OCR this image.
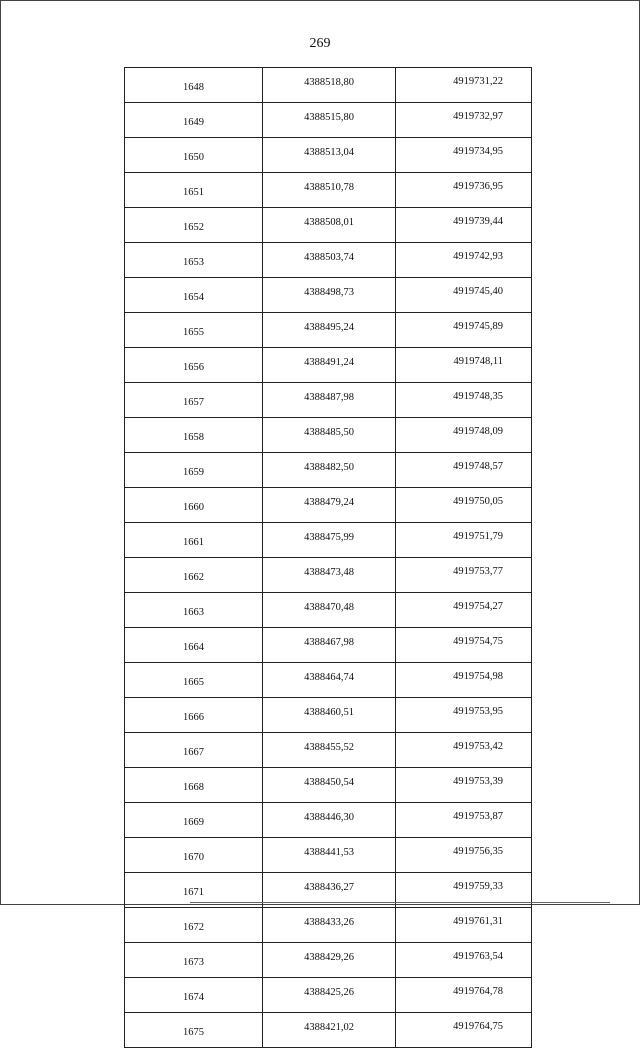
269
1648	4388518,80	4919731,22
1649	4388515,80	4919732,97
1650	4388513,04	4919734,95
1651	4388510,78	4919736,95
1652	4388508,01	4919739,44
1653	4388503,74	4919742,93
1654	4388498,73	4919745,40
1655	4388495,24	4919745,89
1656	4388491,24	4919748,11
1657	4388487,98	4919748,35
1658	4388485,50	4919748,09
1659	4388482,50	4919748,57
1660	4388479,24	4919750,05
1661	4388475,99	4919751,79
1662	4388473,48	4919753,77
1663	4388470,48	4919754,27
1664	4388467,98	4919754,75
1665	4388464,74	4919754,98
1666	4388460,51	4919753,95
1667	4388455,52	4919753,42
1668	4388450,54	4919753,39
1669	4388446,30	4919753,87
1670	4388441,53	4919756,35
1671	4388436,27	4919759,33
1672	4388433,26	4919761,31
1673	4388429,26	4919763,54
1674	4388425,26	4919764,78
1675	4388421,02	4919764,75
